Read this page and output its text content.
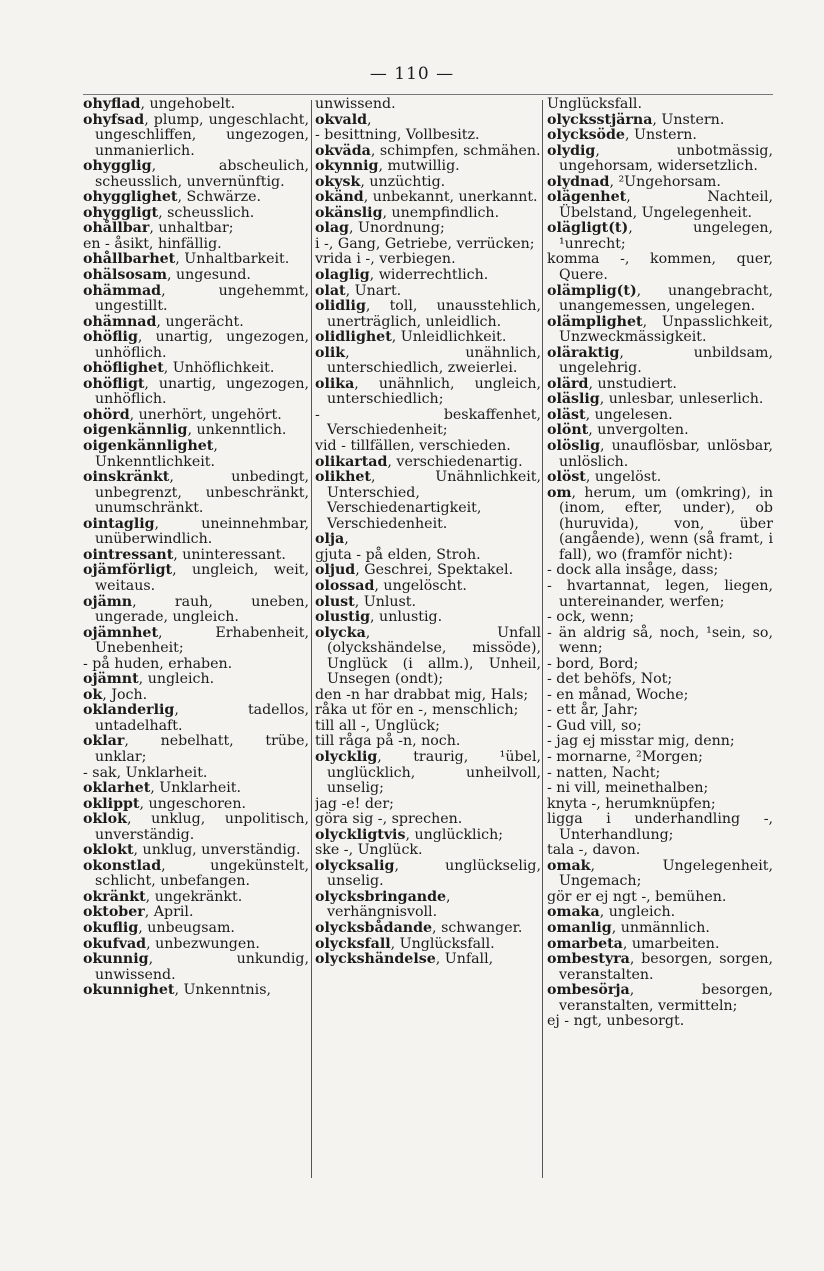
— 110 —

ohyflad, ungehobelt.

ohyfsad, plump, ungeschlacht, ungeschliffen, ungezogen, unmanierlich.

ohygglig, abscheulich, scheusslich, unvernünftig.

ohygglighet, Schwärze.

ohyggligt, scheusslich.

ohållbar, unhaltbar;

en - åsikt, hinfällig.

ohållbarhet, Unhaltbarkeit.

ohälsosam, ungesund.

ohämmad, ungehemmt, ungestillt.

ohämnad, ungerächt.

ohöflig, unartig, ungezogen, unhöflich.

ohöflighet, Unhöflichkeit.

ohöfligt, unartig, ungezogen, unhöflich.

ohörd, unerhört, ungehört.

oigenkännlig, unkenntlich.

oigenkännlighet, Unkenntlichkeit.

oinskränkt, unbedingt, unbegrenzt, unbeschränkt, unumschränkt.

ointaglig, uneinnehmbar, unüberwindlich.

ointressant, uninteressant.

ojämförligt, ungleich, weit, weitaus.

ojämn, rauh, uneben, ungerade, ungleich.

ojämnhet, Erhabenheit, Unebenheit;

- på huden, erhaben.

ojämnt, ungleich.

ok, Joch.

oklanderlig, tadellos, untadelhaft.

oklar, nebelhatt, trübe, unklar;

- sak, Unklarheit.

oklarhet, Unklarheit.

oklippt, ungeschoren.

oklok, unklug, unpolitisch, unverständig.

oklokt, unklug, unverständig.

okonstlad, ungekünstelt, schlicht, unbefangen.

okränkt, ungekränkt.

oktober, April.

okuflig, unbeugsam.

okufvad, unbezwungen.

okunnig, unkundig, unwissend.

okunnighet, Unkenntnis,

unwissend.

okvald,

- besittning, Vollbesitz.

okväda, schimpfen, schmähen.

okynnig, mutwillig.

okysk, unzüchtig.

okänd, unbekannt, unerkannt.

okänslig, unempfindlich.

olag, Unordnung;

i -, Gang, Getriebe, verrücken;

vrida i -, verbiegen.

olaglig, widerrechtlich.

olat, Unart.

olidlig, toll, unausstehlich, unerträglich, unleidlich.

olidlighet, Unleidlichkeit.

olik, unähnlich, unterschiedlich, zweierlei.

olika, unähnlich, ungleich, unterschiedlich;

- beskaffenhet, Verschiedenheit;

vid - tillfällen, verschieden.

olikartad, verschiedenartig.

olikhet, Unähnlichkeit, Unterschied, Verschiedenartigkeit, Verschiedenheit.

olja,

gjuta - på elden, Stroh.

oljud, Geschrei, Spektakel.

olossad, ungelöscht.

olust, Unlust.

olustig, unlustig.

olycka, Unfall (olyckshändelse, missöde), Unglück (i allm.), Unheil, Unsegen (ondt);

den -n har drabbat mig, Hals;

råka ut för en -, menschlich;

till all -, Unglück;

till råga på -n, noch.

olycklig, traurig, ¹übel, unglücklich, unheilvoll, unselig;

jag -e! der;

göra sig -, sprechen.

olyckligtvis, unglücklich;

ske -, Unglück.

olycksalig, unglückselig, unselig.

olycksbringande, verhängnisvoll.

olycksbådande, schwanger.

olycksfall, Unglücksfall.

olyckshändelse, Unfall,

Unglücksfall.

olycksstjärna, Unstern.

olycksöde, Unstern.

olydig, unbotmässig, ungehorsam, widersetzlich.

olydnad, ²Ungehorsam.

olägenhet, Nachteil, Übelstand, Ungelegenheit.

olägligt(t), ungelegen, ¹unrecht;

komma -, kommen, quer, Quere.

olämplig(t), unangebracht, unangemessen, ungelegen.

olämplighet, Unpasslichkeit, Unzweckmässigkeit.

oläraktig, unbildsam, ungelehrig.

olärd, unstudiert.

oläslig, unlesbar, unleserlich.

oläst, ungelesen.

olönt, unvergolten.

olöslig, unauflösbar, unlösbar, unlöslich.

olöst, ungelöst.

om, herum, um (omkring), in (inom, efter, under), ob (huruvida), von, über (angående), wenn (så framt, i fall), wo (framför nicht):

- dock alla insåge, dass;

- hvartannat, legen, liegen, untereinander, werfen;

- ock, wenn;

- än aldrig så, noch, ¹sein, so, wenn;

- bord, Bord;

- det behöfs, Not;

- en månad, Woche;

- ett år, Jahr;

- Gud vill, so;

- jag ej misstar mig, denn;

- mornarne, ²Morgen;

- natten, Nacht;

- ni vill, meinethalben;

knyta -, herumknüpfen;

ligga i underhandling -, Unterhandlung;

tala -, davon.

omak, Ungelegenheit, Ungemach;

gör er ej ngt -, bemühen.

omaka, ungleich.

omanlig, unmännlich.

omarbeta, umarbeiten.

ombestyra, besorgen, sorgen, veranstalten.

ombesörja, besorgen, veranstalten, vermitteln;

ej - ngt, unbesorgt.
